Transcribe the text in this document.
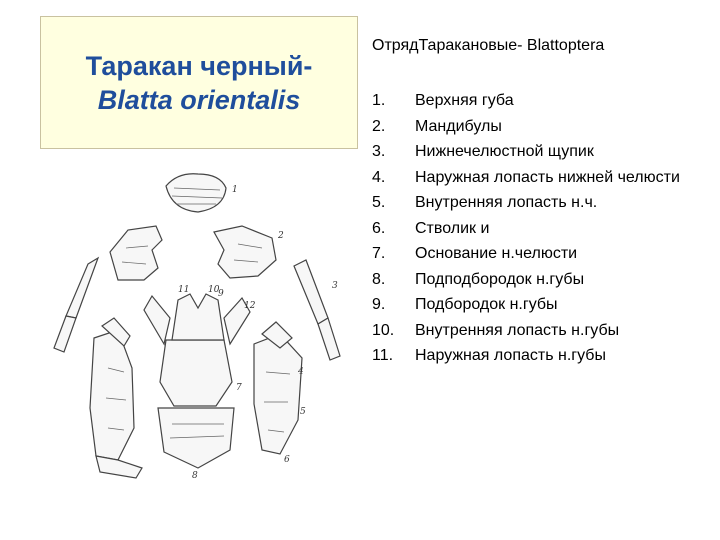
Таракан черный-
Blatta orientalis
ОтрядТаракановые- Blattoptera
1.	Верхняя губа
2.	Мандибулы
3.	Нижнечелюстной щупик
4.	Наружная лопасть нижней челюсти
5.	Внутренняя лопасть н.ч.
6.	Стволик и
7.	Основание н.челюсти
8.	Подподбородок н.губы
9.	Подбородок н.губы
10.	Внутренняя лопасть н.губы
11.	Наружная лопасть н.губы
1
2
3
4
5
6
7
8
9
10
11
12
